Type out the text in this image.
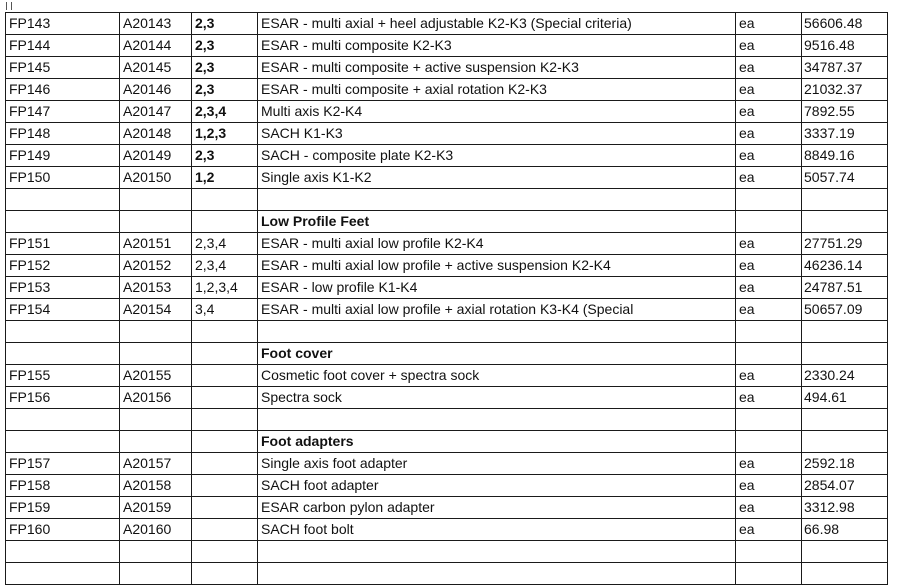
FP143	A20143	2,3	ESAR - multi axial + heel adjustable K2-K3 (Special criteria)	ea	56606.48
FP144	A20144	2,3	ESAR - multi composite K2-K3	ea	9516.48
FP145	A20145	2,3	ESAR - multi composite + active suspension K2-K3	ea	34787.37
FP146	A20146	2,3	ESAR - multi composite + axial rotation K2-K3	ea	21032.37
FP147	A20147	2,3,4	Multi axis K2-K4	ea	7892.55
FP148	A20148	1,2,3	SACH K1-K3	ea	3337.19
FP149	A20149	2,3	SACH - composite plate K2-K3	ea	8849.16
FP150	A20150	1,2	Single axis K1-K2	ea	5057.74

			Low Profile Feet		
FP151	A20151	2,3,4	ESAR - multi axial low profile K2-K4	ea	27751.29
FP152	A20152	2,3,4	ESAR - multi axial low profile + active suspension K2-K4	ea	46236.14
FP153	A20153	1,2,3,4	ESAR - low profile K1-K4	ea	24787.51
FP154	A20154	3,4	ESAR - multi axial low profile + axial rotation K3-K4 (Special	ea	50657.09

			Foot cover		
FP155	A20155		Cosmetic foot cover + spectra sock	ea	2330.24
FP156	A20156		Spectra sock	ea	494.61

			Foot adapters		
FP157	A20157		Single axis foot adapter	ea	2592.18
FP158	A20158		SACH foot adapter	ea	2854.07
FP159	A20159		ESAR carbon pylon adapter	ea	3312.98
FP160	A20160		SACH foot bolt	ea	66.98
